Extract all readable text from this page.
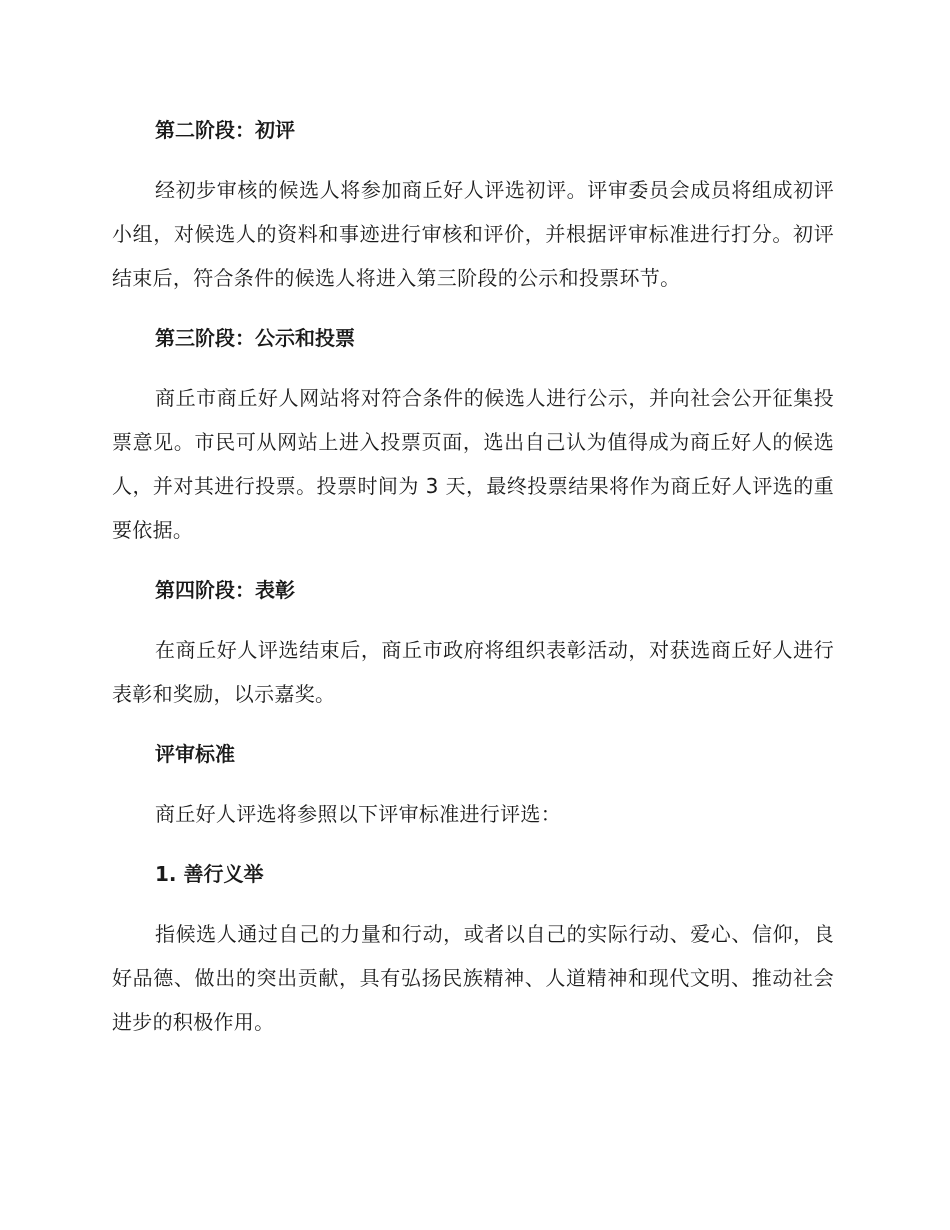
第二阶段：初评
经初步审核的候选人将参加商丘好人评选初评。评审委员会成员将组成初评小组，对候选人的资料和事迹进行审核和评价，并根据评审标准进行打分。初评结束后，符合条件的候选人将进入第三阶段的公示和投票环节。
第三阶段：公示和投票
商丘市商丘好人网站将对符合条件的候选人进行公示，并向社会公开征集投票意见。市民可从网站上进入投票页面，选出自己认为值得成为商丘好人的候选人，并对其进行投票。投票时间为 3 天，最终投票结果将作为商丘好人评选的重要依据。
第四阶段：表彰
在商丘好人评选结束后，商丘市政府将组织表彰活动，对获选商丘好人进行表彰和奖励，以示嘉奖。
评审标准
商丘好人评选将参照以下评审标准进行评选：
1. 善行义举
指候选人通过自己的力量和行动，或者以自己的实际行动、爱心、信仰，良好品德、做出的突出贡献，具有弘扬民族精神、人道精神和现代文明、推动社会进步的积极作用。
